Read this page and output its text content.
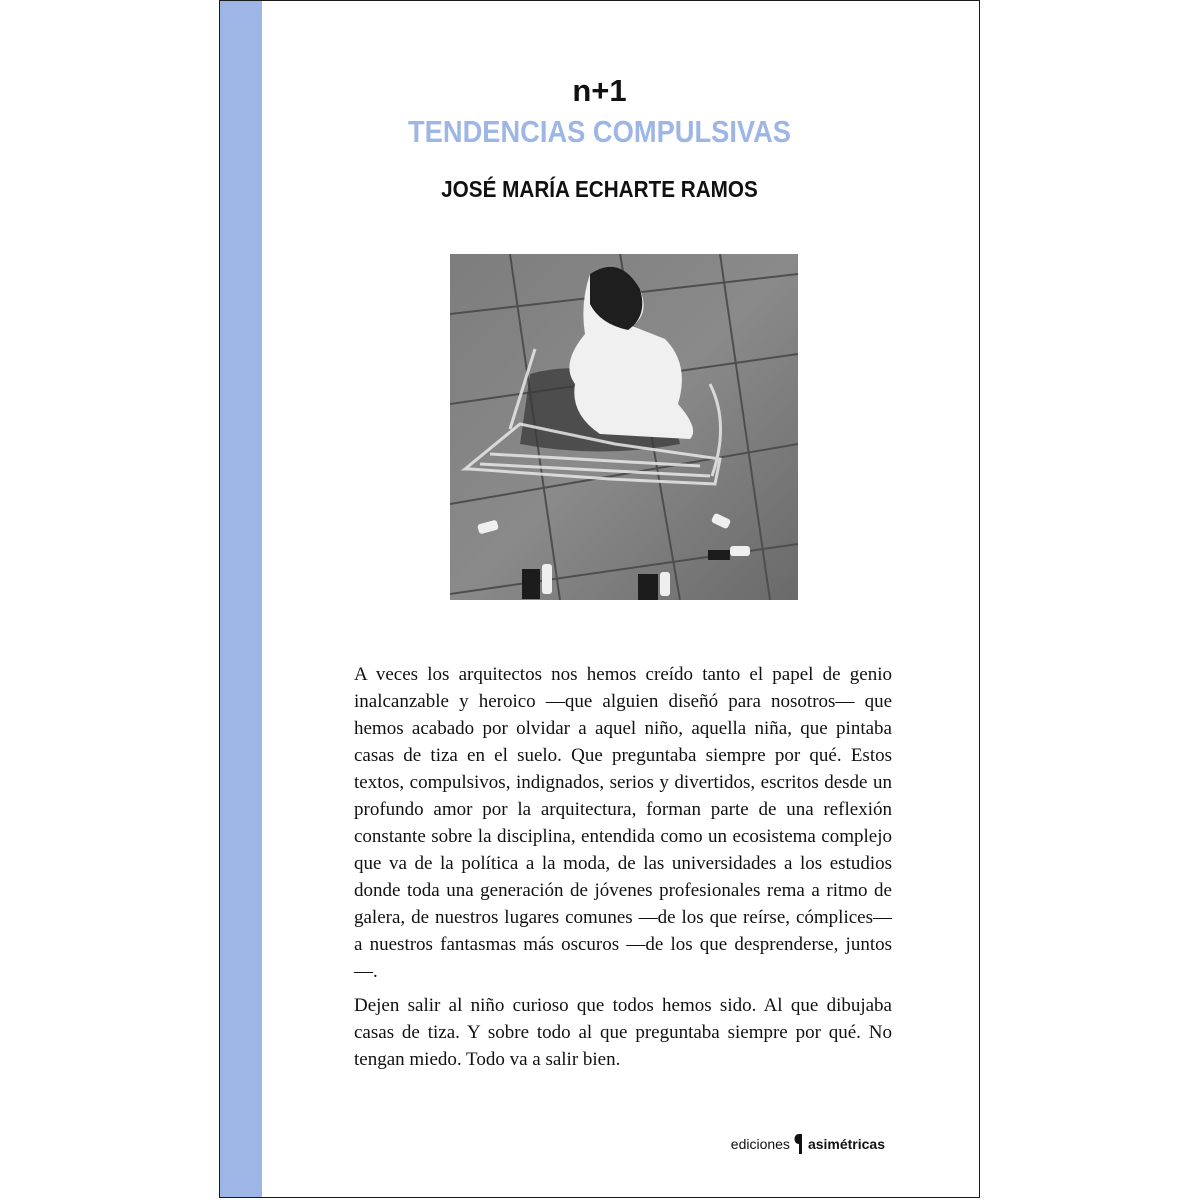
n+1
TENDENCIAS COMPULSIVAS
JOSÉ MARÍA ECHARTE RAMOS

A veces los arquitectos nos hemos creído tanto el papel de genio inalcanzable y heroico —que alguien diseñó para nosotros— que hemos acabado por olvidar a aquel niño, aquella niña, que pintaba casas de tiza en el suelo. Que preguntaba siempre por qué. Estos textos, compulsivos, indignados, serios y divertidos, escritos desde un profundo amor por la arquitectura, forman parte de una reflexión constante sobre la disciplina, entendida como un ecosistema complejo que va de la política a la moda, de las universidades a los estudios donde toda una generación de jóvenes profesionales rema a ritmo de galera, de nuestros lugares comunes —de los que reírse, cómplices— a nuestros fantasmas más oscuros —de los que desprenderse, juntos—.

Dejen salir al niño curioso que todos hemos sido. Al que dibujaba casas de tiza. Y sobre todo al que preguntaba siempre por qué. No tengan miedo. Todo va a salir bien.

ediciones asimétricas
